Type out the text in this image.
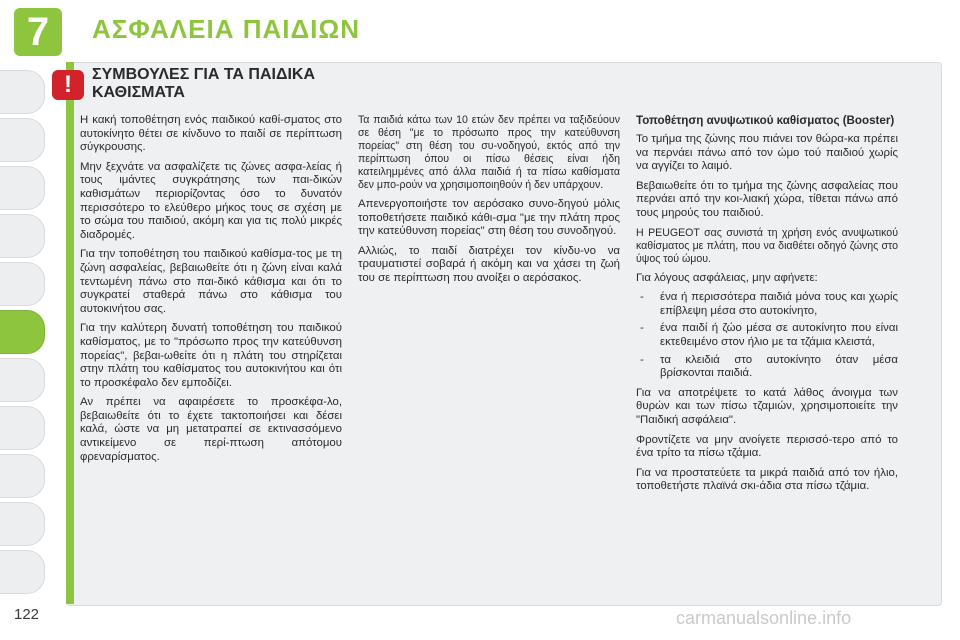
7	ΑΣΦΑΛΕΙΑ ΠΑΙΔΙΩΝ
!	ΣΥΜΒΟΥΛΕΣ ΓΙΑ ΤΑ ΠΑΙΔΙΚΑ ΚΑΘΙΣΜΑΤΑ

Η κακή τοποθέτηση ενός παιδικού καθί-σματος στο αυτοκίνητο θέτει σε κίνδυνο το παιδί σε περίπτωση σύγκρουσης.

Μην ξεχνάτε να ασφαλίζετε τις ζώνες ασφα-λείας ή τους ιμάντες συγκράτησης των παι-δικών καθισμάτων περιορίζοντας όσο το δυνατόν περισσότερο το ελεύθερο μήκος τους σε σχέση με το σώμα του παιδιού, ακόμη και για τις πολύ μικρές διαδρομές.

Για την τοποθέτηση του παιδικού καθίσμα-τος με τη ζώνη ασφαλείας, βεβαιωθείτε ότι η ζώνη είναι καλά τεντωμένη πάνω στο παι-δικό κάθισμα και ότι το συγκρατεί σταθερά πάνω στο κάθισμα του αυτοκινήτου σας.

Για την καλύτερη δυνατή τοποθέτηση του παιδικού καθίσματος, με το "πρόσωπο προς την κατεύθυνση πορείας", βεβαι-ωθείτε ότι η πλάτη του στηρίζεται στην πλάτη του καθίσματος του αυτοκινήτου και ότι το προσκέφαλο δεν εμποδίζει.

Αν πρέπει να αφαιρέσετε το προσκέφα-λο, βεβαιωθείτε ότι το έχετε τακτοποιήσει και δέσει καλά, ώστε να μη μετατραπεί σε εκτινασσόμενο αντικείμενο σε περί-πτωση απότομου φρεναρίσματος.

Τα παιδιά κάτω των 10 ετών δεν πρέπει να ταξιδεύουν σε θέση "με το πρόσωπο προς την κατεύθυνση πορείας" στη θέση του συ-νοδηγού, εκτός από την περίπτωση όπου οι πίσω θέσεις είναι ήδη κατειλημμένες από άλλα παιδιά ή τα πίσω καθίσματα δεν μπο-ρούν να χρησιμοποιηθούν ή δεν υπάρχουν.

Απενεργοποιήστε τον αερόσακο συνο-δηγού μόλις τοποθετήσετε παιδικό κάθι-σμα "με την πλάτη προς την κατεύθυνση πορείας" στη θέση του συνοδηγού.

Αλλιώς, το παιδί διατρέχει τον κίνδυ-νο να τραυματιστεί σοβαρά ή ακόμη και να χάσει τη ζωή του σε περίπτωση που ανοίξει ο αερόσακος.

Τοποθέτηση ανυψωτικού καθίσματος (Booster)

Το τμήμα της ζώνης που πιάνει τον θώρα-κα πρέπει να περνάει πάνω από τον ώμο τού παιδιού χωρίς να αγγίζει το λαιμό.

Βεβαιωθείτε ότι το τμήμα της ζώνης ασφαλείας που περνάει από την κοι-λιακή χώρα, τίθεται πάνω από τους μηρούς του παιδιού.

Η PEUGEOT σας συνιστά τη χρήση ενός ανυψωτικού καθίσματος με πλάτη, που να διαθέτει οδηγό ζώνης στο ύψος τού ώμου.

Για λόγους ασφάλειας, μην αφήνετε:

- ένα ή περισσότερα παιδιά μόνα τους και χωρίς επίβλεψη μέσα στο αυτοκίνητο,
- ένα παιδί ή ζώο μέσα σε αυτοκίνητο που είναι εκτεθειμένο στον ήλιο με τα τζάμια κλειστά,
- τα κλειδιά στο αυτοκίνητο όταν μέσα βρίσκονται παιδιά.

Για να αποτρέψετε το κατά λάθος άνοιγμα των θυρών και των πίσω τζαμιών, χρησιμοποιείτε την "Παιδική ασφάλεια".

Φροντίζετε να μην ανοίγετε περισσό-τερο από το ένα τρίτο τα πίσω τζάμια.

Για να προστατεύετε τα μικρά παιδιά από τον ήλιο, τοποθετήστε πλαϊνά σκι-άδια στα πίσω τζάμια.

122	carmanualsonline.info
